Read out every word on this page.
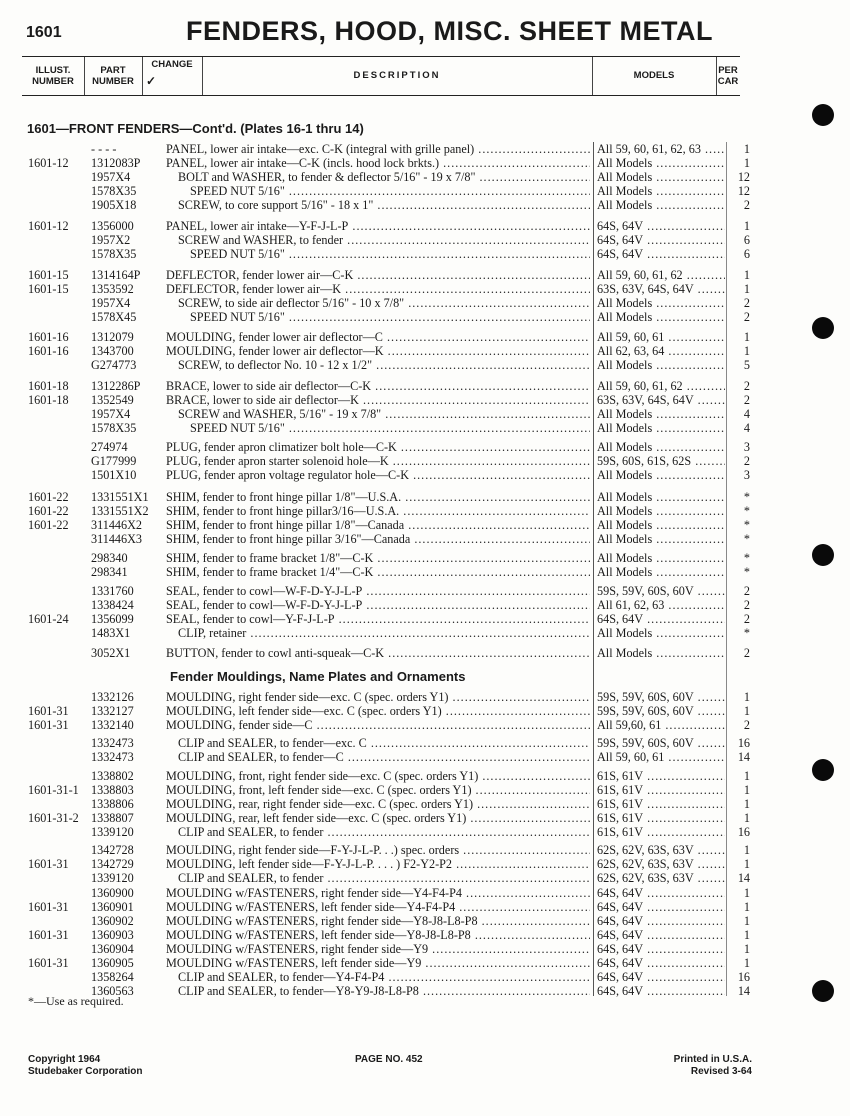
1601	FENDERS, HOOD, MISC. SHEET METAL
ILLUST.
NUMBER
PART
NUMBER
CHANGE
✓	DESCRIPTION	MODELS	PER
CAR
1601—FRONT FENDERS—Cont'd. (Plates 16-1 thru 14)
Fender Mouldings, Name Plates and Ornaments
- - - -	PANEL, lower air intake—exc. C-K (integral with grille panel) .....	All 59, 60, 61, 62, 63 .....	1
1601-12 1312083P PANEL, lower air intake—C-K (incls. hood lock brkts.) .....	All Models .....	1
1957X4	BOLT and WASHER, to fender & deflector 5/16" - 19 x 7/8" .....	All Models .....	12
1578X35	SPEED NUT 5/16" .....	All Models .....	12
1905X18	SCREW, to core support 5/16" - 18 x 1" .....	All Models .....	2
1601-12 1356000	PANEL, lower air intake—Y-F-J-L-P .....	64S, 64V .....	1
1957X2	SCREW and WASHER, to fender .....	64S, 64V .....	6
1578X35	SPEED NUT 5/16" .....	64S, 64V .....	6
1601-15 1314164P DEFLECTOR, fender lower air—C-K .....	All 59, 60, 61, 62 .....	1
1601-15 1353592	DEFLECTOR, fender lower air—K .....	63S, 63V, 64S, 64V .....	1
1957X4	SCREW, to side air deflector 5/16" - 10 x 7/8" .....	All Models .....	2
1578X45	SPEED NUT 5/16" .....	All Models .....	2
1601-16 1312079	MOULDING, fender lower air deflector—C .....	All 59, 60, 61 .....	1
1601-16 1343700	MOULDING, fender lower air deflector—K .....	All 62, 63, 64 .....	1
G274773	SCREW, to deflector No. 10 - 12 x 1/2" .....	All Models .....	5
1601-18 1312286P BRACE, lower to side air deflector—C-K .....	All 59, 60, 61, 62 .....	2
1601-18 1352549	BRACE, lower to side air deflector—K .....	63S, 63V, 64S, 64V .....	2
1957X4	SCREW and WASHER, 5/16" - 19 x 7/8" .....	All Models .....	4
1578X35	SPEED NUT 5/16" .....	All Models .....	4
274974	PLUG, fender apron climatizer bolt hole—C-K .....	All Models .....	3
G177999 PLUG, fender apron starter solenoid hole—K .....	59S, 60S, 61S, 62S .....	2
1501X10 PLUG, fender apron voltage regulator hole—C-K .....	All Models .....	3
1601-22 1331551X1 SHIM, fender to front hinge pillar 1/8"—U.S.A. .....	All Models .....	*
1601-22 1331551X2 SHIM, fender to front hinge pillar3/16—U.S.A. .....	All Models .....	*
1601-22 311446X2 SHIM, fender to front hinge pillar 1/8"—Canada .....	All Models .....	*
311446X3 SHIM, fender to front hinge pillar 3/16"—Canada .....	All Models .....	*
298340	SHIM, fender to frame bracket 1/8"—C-K .....	All Models .....	*
298341	SHIM, fender to frame bracket 1/4"—C-K .....	All Models .....	*
1331760	SEAL, fender to cowl—W-F-D-Y-J-L-P .....	59S, 59V, 60S, 60V .....	2
1338424	SEAL, fender to cowl—W-F-D-Y-J-L-P .....	All 61, 62, 63 .....	2
1601-24 1356099	SEAL, fender to cowl—Y-F-J-L-P .....	64S, 64V .....	2
1483X1	CLIP, retainer .....	All Models .....	*
3052X1	BUTTON, fender to cowl anti-squeak—C-K .....	All Models .....	2
1332126	MOULDING, right fender side—exc. C (spec. orders Y1) .....	59S, 59V, 60S, 60V .....	1
1601-31 1332127	MOULDING, left fender side—exc. C (spec. orders Y1) .....	59S, 59V, 60S, 60V .....	1
1601-31 1332140	MOULDING, fender side—C .....	All 59,60, 61 .....	2
1332473	CLIP and SEALER, to fender—exc. C .....	59S, 59V, 60S, 60V .....	16
1332473	CLIP and SEALER, to fender—C .....	All 59, 60, 61 .....	14
1338802	MOULDING, front, right fender side—exc. C (spec. orders Y1) .....	61S, 61V .....	1
1601-31-1 1338803	MOULDING, front, left fender side—exc. C (spec. orders Y1) .....	61S, 61V .....	1
1338806	MOULDING, rear, right fender side—exc. C (spec. orders Y1) .....	61S, 61V .....	1
1601-31-2 1338807	MOULDING, rear, left fender side—exc. C (spec. orders Y1) .....	61S, 61V .....	1
1339120	CLIP and SEALER, to fender .....	61S, 61V .....	16
1342728	MOULDING, right fender side—F-Y-J-L-P. . .) spec. orders .....	62S, 62V, 63S, 63V .....	1
1601-31 1342729	MOULDING, left fender side—F-Y-J-L-P. . . . ) F2-Y2-P2 .....	62S, 62V, 63S, 63V .....	1
1339120	CLIP and SEALER, to fender .....	62S, 62V, 63S, 63V .....	14
1360900	MOULDING w/FASTENERS, right fender side—Y4-F4-P4 .....	64S, 64V .....	1
1601-31 1360901	MOULDING w/FASTENERS, left fender side—Y4-F4-P4 .....	64S, 64V .....	1
1360902	MOULDING w/FASTENERS, right fender side—Y8-J8-L8-P8 .....	64S, 64V .....	1
1601-31 1360903	MOULDING w/FASTENERS, left fender side—Y8-J8-L8-P8 .....	64S, 64V .....	1
1360904	MOULDING w/FASTENERS, right fender side—Y9 .....	64S, 64V .....	1
1601-31 1360905	MOULDING w/FASTENERS, left fender side—Y9 .....	64S, 64V .....	1
1358264	CLIP and SEALER, to fender—Y4-F4-P4 .....	64S, 64V .....	16
1360563	CLIP and SEALER, to fender—Y8-Y9-J8-L8-P8 .....	64S, 64V .....	14
*—Use as required.
Copyright 1964
Studebaker Corporation
PAGE NO. 452	Printed in U.S.A.
Revised 3-64
